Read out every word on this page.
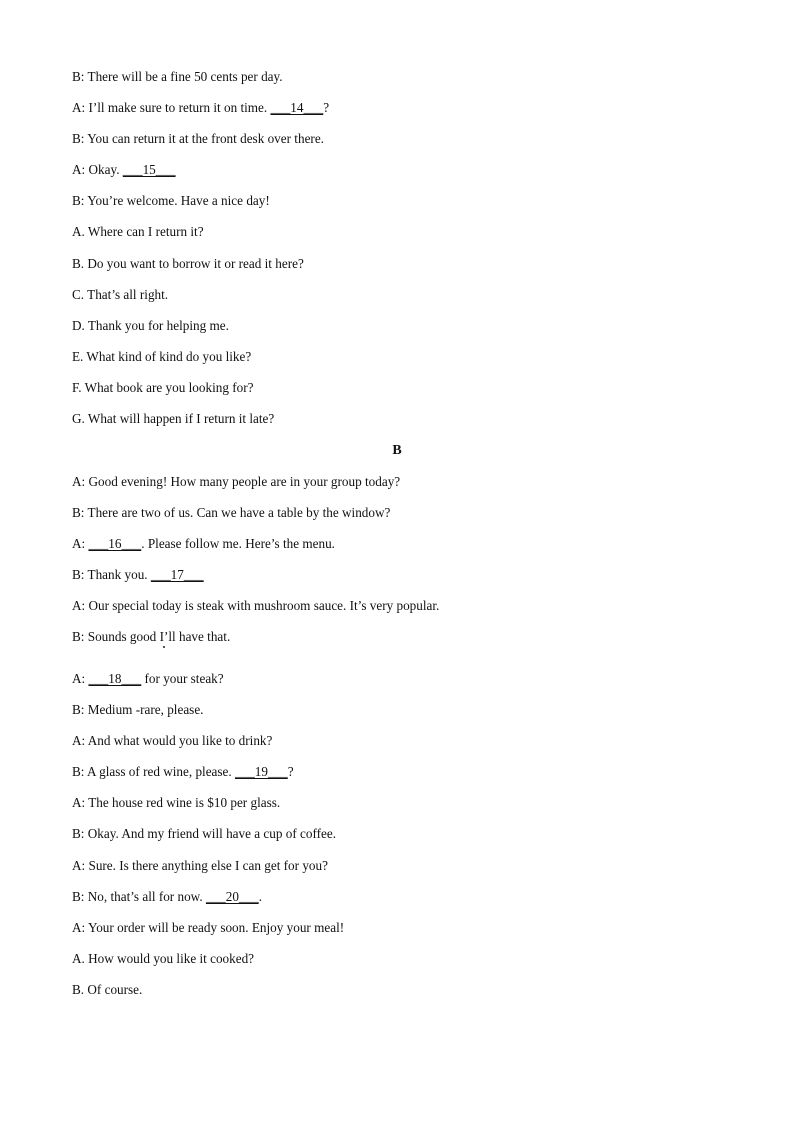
B: There will be a fine 50 cents per day.

A: I’ll make sure to return it on time. ___14___?

B: You can return it at the front desk over there.

A: Okay. ___15___

B: You’re welcome. Have a nice day!

A. Where can I return it?

B. Do you want to borrow it or read it here?

C. That’s all right.

D. Thank you for helping me.

E. What kind of kind do you like?

F. What book are you looking for?

G. What will happen if I return it late?

B

A: Good evening! How many people are in your group today?

B: There are two of us. Can we have a table by the window?

A: ___16___. Please follow me. Here’s the menu.

B: Thank you. ___17___

A: Our special today is steak with mushroom sauce. It’s very popular.

B: Sounds good I’ll have that.

A: ___18___ for your steak?

B: Medium -rare, please.

A: And what would you like to drink?

B: A glass of red wine, please. ___19___?

A: The house red wine is $10 per glass.

B: Okay. And my friend will have a cup of coffee.

A: Sure. Is there anything else I can get for you?

B: No, that’s all for now. ___20___.

A: Your order will be ready soon. Enjoy your meal!

A. How would you like it cooked?

B. Of course.
